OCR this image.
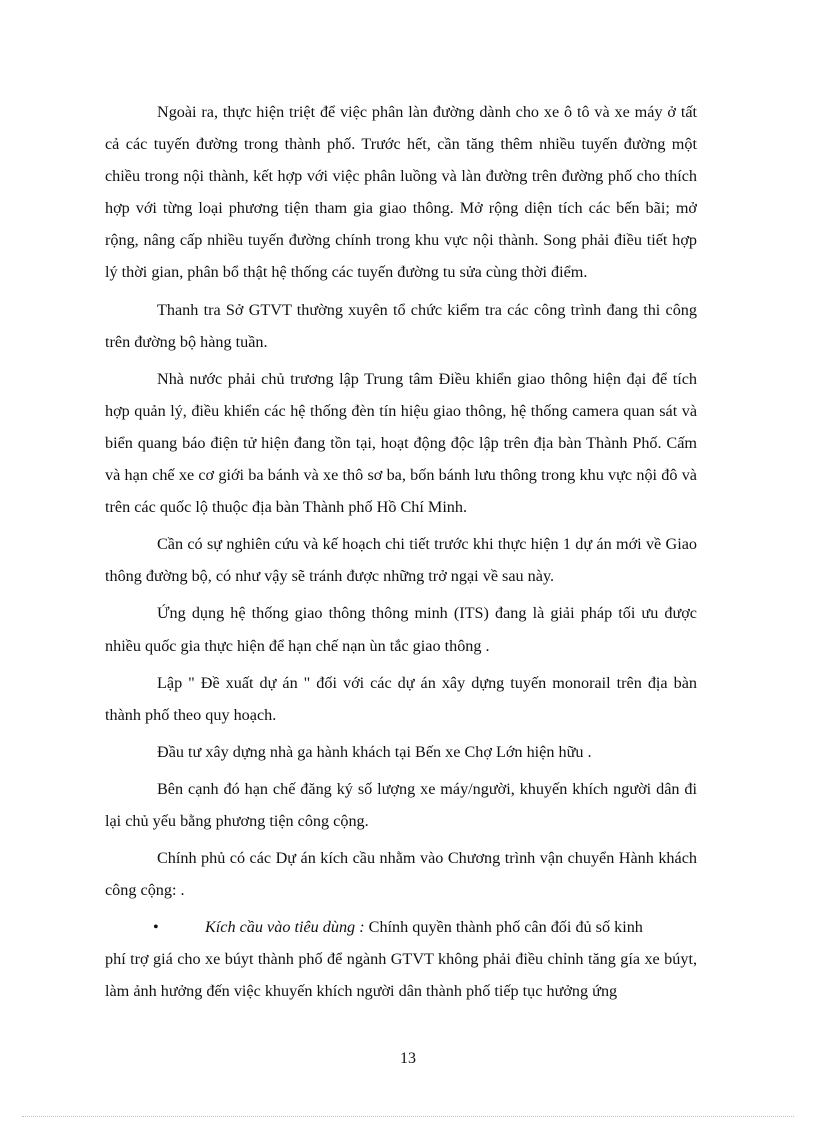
Ngoài ra, thực hiện triệt để việc phân làn đường dành cho xe ô tô và xe máy ở tất cả các tuyến đường trong thành phố. Trước hết, cần tăng thêm nhiều tuyến đường một chiều trong nội thành, kết hợp với việc phân luồng và làn đường trên đường phố cho thích hợp với từng loại phương tiện tham gia giao thông. Mở rộng diện tích các bến bãi; mở rộng, nâng cấp nhiều tuyến đường chính trong khu vực nội thành. Song phải điều tiết hợp lý thời gian, phân bổ thật hệ thống các tuyến đường tu sửa cùng thời điểm.

Thanh tra Sở GTVT thường xuyên tổ chức kiểm tra các công trình đang thi công trên đường bộ hàng tuần.

Nhà nước phải chủ trương lập Trung tâm Điều khiển giao thông hiện đại để tích hợp quản lý, điều khiển các hệ thống đèn tín hiệu giao thông, hệ thống camera quan sát và biển quang báo điện tử hiện đang tồn tại, hoạt động độc lập trên địa bàn Thành Phố. Cấm và hạn chế xe cơ giới ba bánh và xe thô sơ ba, bốn bánh lưu thông trong khu vực nội đô và trên các quốc lộ thuộc địa bàn Thành phố Hồ Chí Minh.

Cần có sự nghiên cứu và kế hoạch chi tiết trước khi thực hiện 1 dự án mới về Giao thông đường bộ, có như vậy sẽ tránh được những trở ngại về sau này.

Ứng dụng hệ thống giao thông thông minh (ITS) đang là giải pháp tối ưu được nhiều quốc gia thực hiện để hạn chế nạn ùn tắc giao thông .

Lập " Đề xuất dự án " đối với các dự án xây dựng tuyến monorail trên địa bàn thành phố theo quy hoạch.

Đầu tư xây dựng nhà ga hành khách tại Bến xe Chợ Lớn hiện hữu .

Bên cạnh đó hạn chế đăng ký số lượng xe máy/người, khuyến khích người dân đi lại chủ yếu bằng phương tiện công cộng.

Chính phủ có các Dự án kích cầu nhằm vào Chương trình vận chuyển Hành khách công cộng: .

•	Kích cầu vào tiêu dùng : Chính quyền thành phố cân đối đủ số kinh
phí trợ giá cho xe búyt thành phố để ngành GTVT không phải điều chỉnh tăng gía xe búyt, làm ảnh hưởng đến việc khuyến khích người dân thành phố tiếp tục hưởng ứng
13
